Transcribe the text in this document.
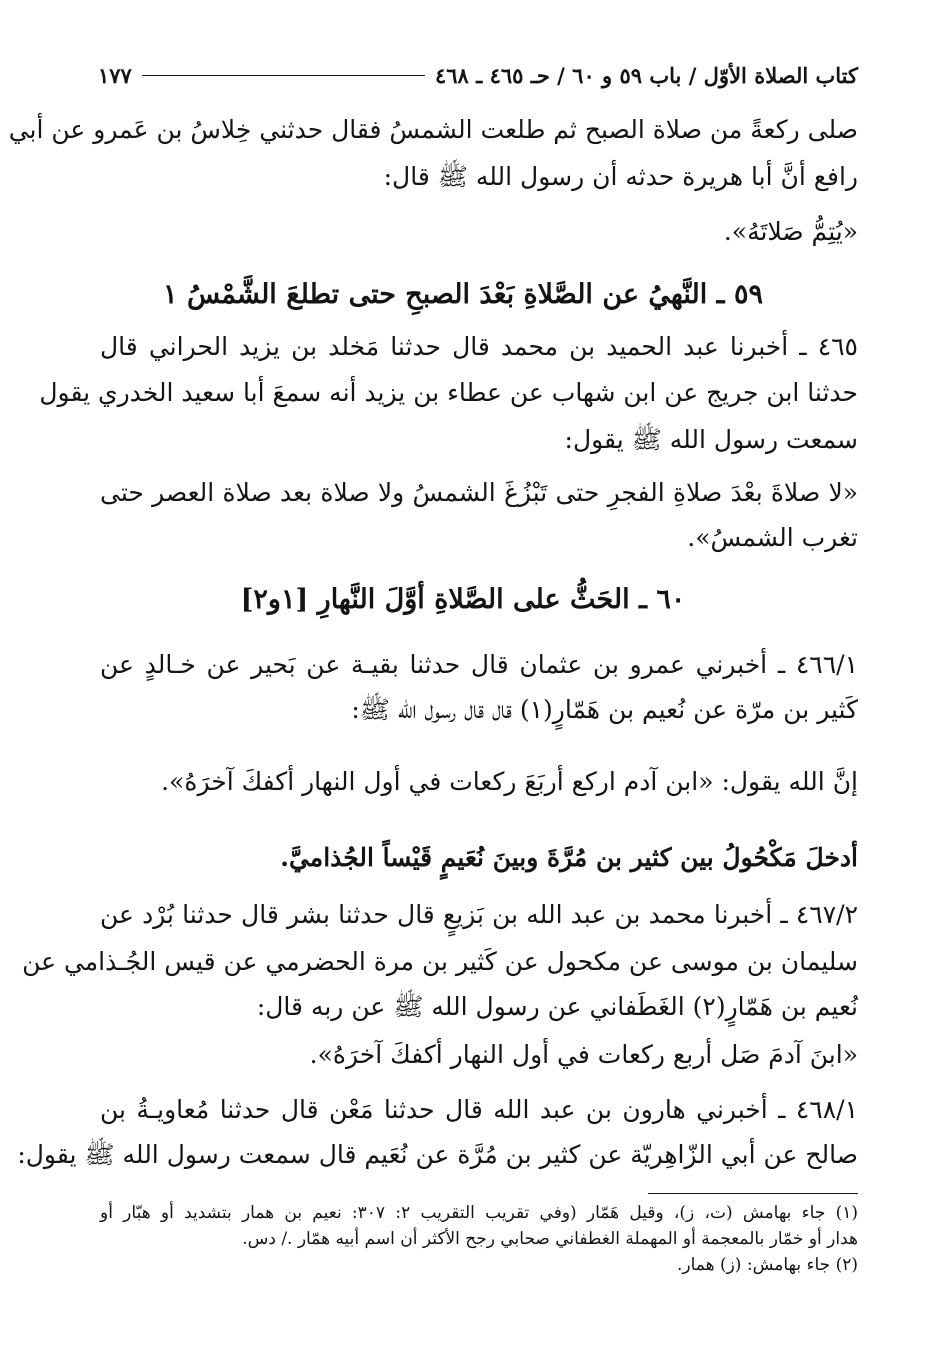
كتاب الصلاة الأوّل / باب ٥٩ و ٦٠ / حـ ٤٦٥ ـ ٤٦٨
١٧٧
صلى ركعةً من صلاة الصبح ثم طلعت الشمسُ فقال حدثني خِلاسُ بن عَمرو عن أبي
رافع أنَّ أبا هريرة حدثه أن رسول الله ﷺ قال:
«يُتِمُّ صَلاتَهُ».
٥٩ ـ النَّهيُ عن الصَّلاةِ بَعْدَ الصبحِ حتى تطلعَ الشَّمْسُ ١
٤٦٥ ـ أخبرنا عبد الحميد بن محمد قال حدثنا مَخلد بن يزيد الحراني قال
حدثنا ابن جريج عن ابن شهاب عن عطاء بن يزيد أنه سمعَ أبا سعيد الخدري يقول
سمعت رسول الله ﷺ يقول:
«لا صلاةَ بعْدَ صلاةِ الفجرِ حتى تَبْزُغَ الشمسُ ولا صلاة بعد صلاة العصر حتى
تغرب الشمسُ».
٦٠ ـ الحَثُّ على الصَّلاةِ أوَّلَ النَّهارِ [١و٢]
٤٦٦/١ ـ أخبرني عمرو بن عثمان قال حدثنا بقيـة عن بَحير عن خـالدٍ عن
كَثير بن مرّة عن نُعيم بن هَمّارٍ(١) قال قال رسول الله ﷺ:
إنَّ الله يقول: «ابن آدم اركع أربَعَ ركعات في أول النهار أكفكَ آخرَهُ».
أدخلَ مَكْحُولُ بين كثير بن مُرَّةَ وبينَ نُعَيمٍ قَيْساً الجُذاميَّ.
٤٦٧/٢ ـ أخبرنا محمد بن عبد الله بن بَزيعٍ قال حدثنا بشر قال حدثنا بُرْد عن
سليمان بن موسى عن مكحول عن كَثير بن مرة الحضرمي عن قيس الجُـذامي عن
نُعيم بن هَمّارٍ(٢) الغَطَفاني عن رسول الله ﷺ عن ربه قال:
«ابنَ آدمَ صَل أربع ركعات في أول النهار أكفكَ آخرَهُ».
٤٦٨/١ ـ أخبرني هارون بن عبد الله قال حدثنا مَعْن قال حدثنا مُعاويـةُ بن
صالح عن أبي الزّاهِريّة عن كثير بن مُرَّة عن نُعَيم قال سمعت رسول الله ﷺ يقول:
(١) جاء بهامش (ت، ز)، وقيل هَمّار (وفي تقريب التقريب ٢: ٣٠٧: نعيم بن همار بتشديد أو هبّار أو
هدار أو خمّار بالمعجمة أو المهملة الغطفاني صحابي رجح الأكثر أن اسم أبيه همّار ./ دس.
(٢) جاء بهامش: (ز) همار.
